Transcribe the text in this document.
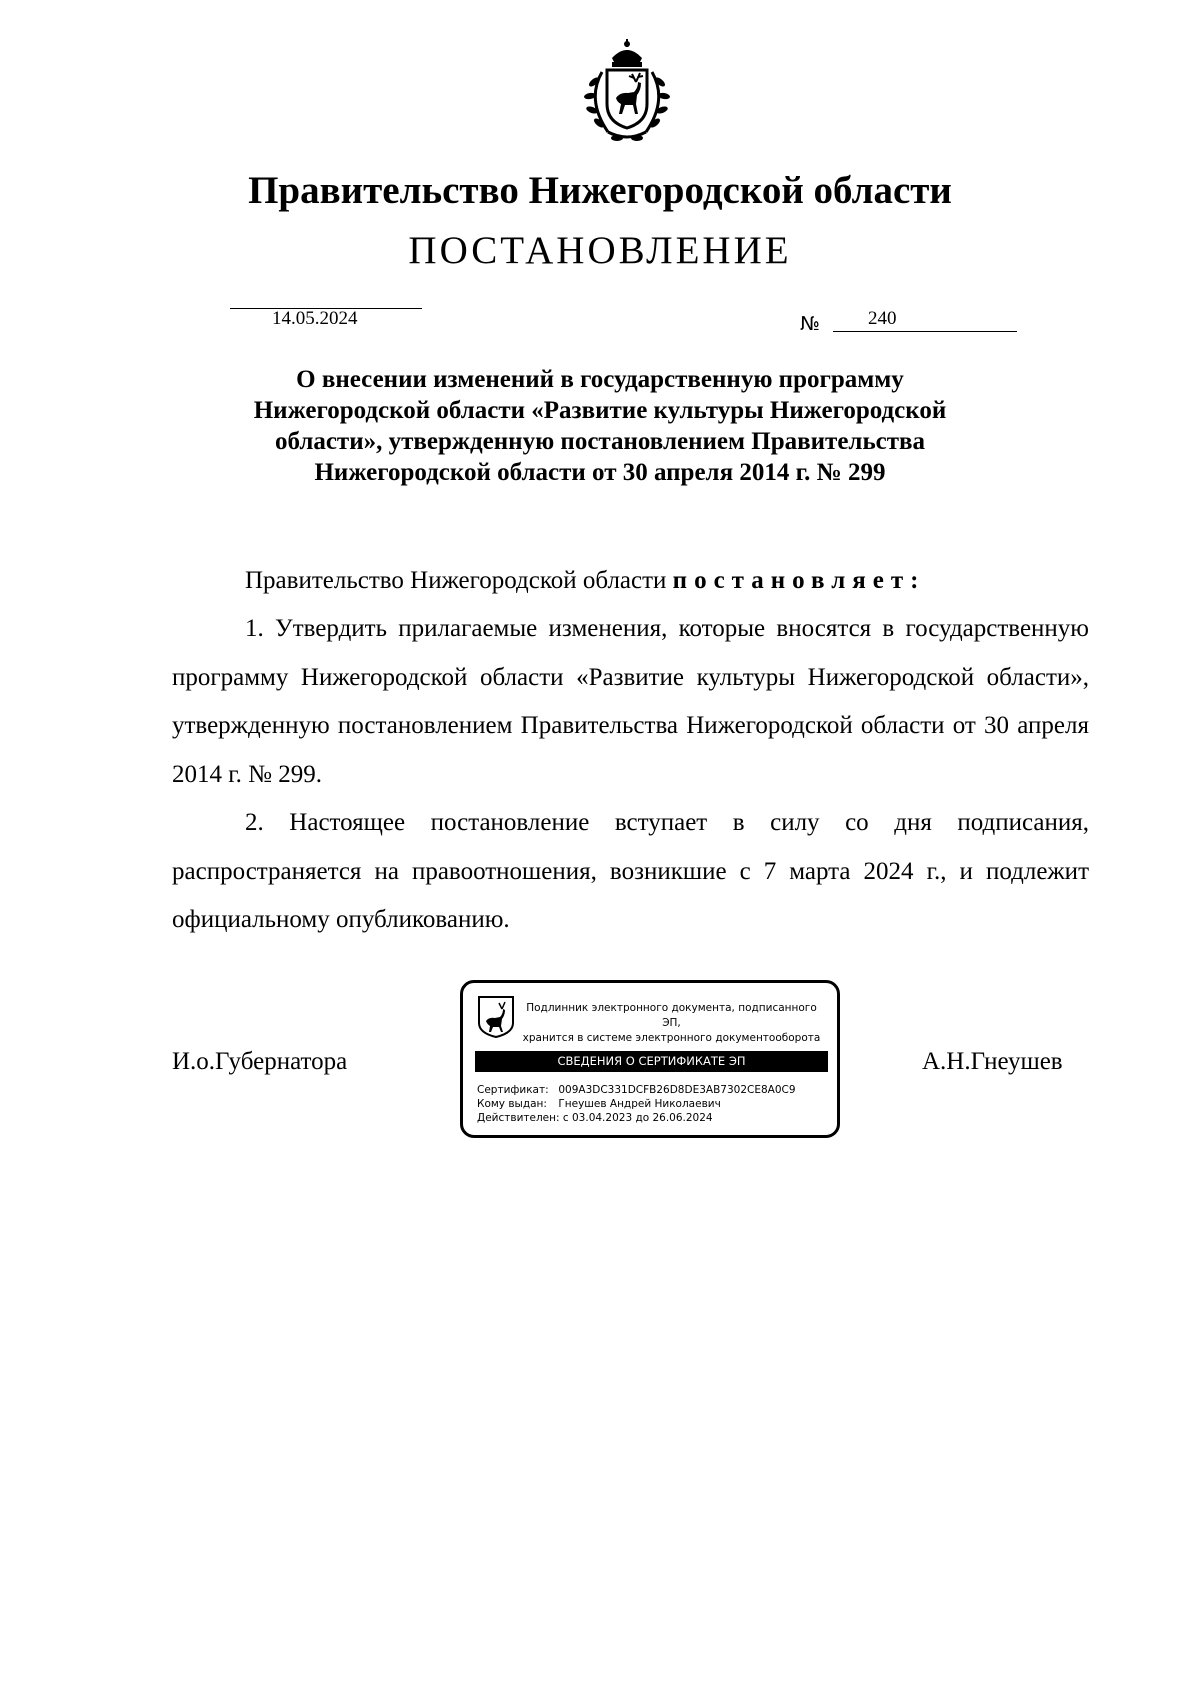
Правительство Нижегородской области
ПОСТАНОВЛЕНИЕ
14.05.2024	№	240
О внесении изменений в государственную программу
Нижегородской области «Развитие культуры Нижегородской
области», утвержденную постановлением Правительства
Нижегородской области от 30 апреля 2014 г. № 299
Правительство Нижегородской области постановляет:
1. Утвердить прилагаемые изменения, которые вносятся в государственную программу Нижегородской области «Развитие культуры Нижегородской области», утвержденную постановлением Правительства Нижегородской области от 30 апреля 2014 г. № 299.
2. Настоящее постановление вступает в силу со дня подписания, распространяется на правоотношения, возникшие с 7 марта 2024 г., и подлежит официальному опубликованию.
И.о.Губернатора	А.Н.Гнеушев
Подлинник электронного документа, подписанного ЭП,
хранится в системе электронного документооборота
СВЕДЕНИЯ О СЕРТИФИКАТЕ ЭП
Сертификат: 009A3DC331DCFB26D8DE3AB7302CE8A0C9
Кому выдан: Гнеушев Андрей Николаевич
Действителен: с 03.04.2023 до 26.06.2024
